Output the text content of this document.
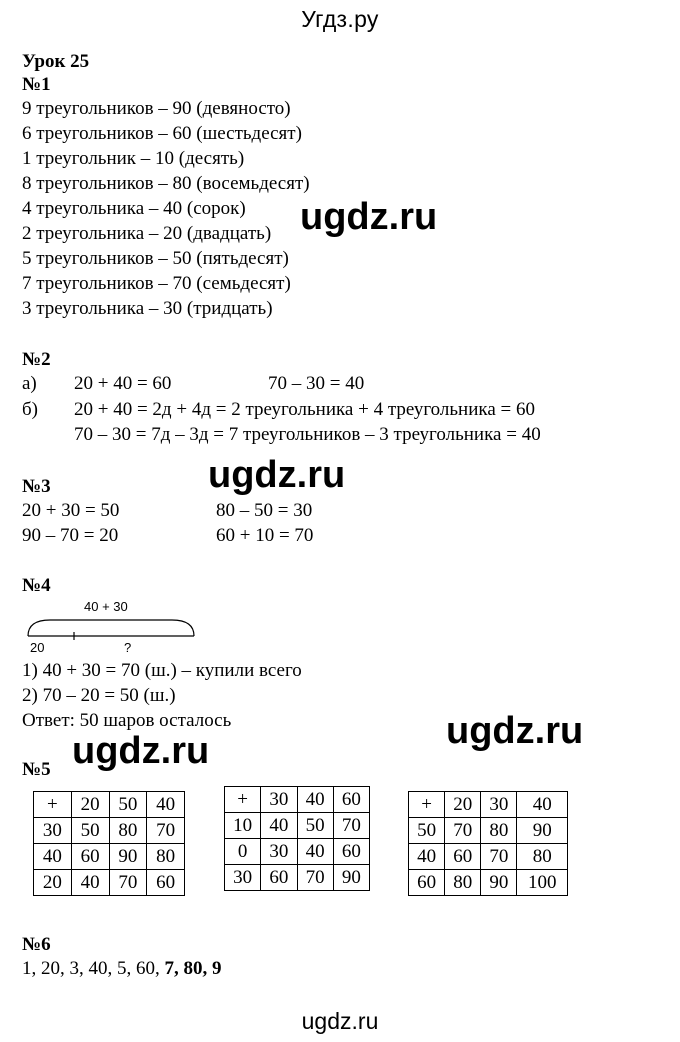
Угдз.ру
Урок 25
№1
9 треугольников – 90 (девяносто)
6 треугольников – 60 (шестьдесят)
1 треугольник – 10 (десять)
8 треугольников – 80 (восемьдесят)
4 треугольника – 40 (сорок)
2 треугольника – 20 (двадцать)
5 треугольников – 50 (пятьдесят)
7 треугольников – 70 (семьдесят)
3 треугольника – 30 (тридцать)
ugdz.ru
№2
а) 20 + 40 = 60	70 – 30 = 40
б) 20 + 40 = 2д + 4д = 2 треугольника + 4 треугольника = 60
70 – 30 = 7д – 3д = 7 треугольников – 3 треугольника = 40
ugdz.ru
№3
20 + 30 = 50	80 – 50 = 30
90 – 70 = 20	60 + 10 = 70
№4
40 + 30
20	?
1) 40 + 30 = 70 (ш.) – купили всего
2) 70 – 20 = 50 (ш.)
Ответ: 50 шаров осталось	ugdz.ru
ugdz.ru
№5
+	20	50	40
30	50	80	70
40	60	90	80
20	40	70	60
+	30	40	60
10	40	50	70
0	30	40	60
30	60	70	90
+	20	30	40
50	70	80	90
40	60	70	80
60	80	90	100
№6
1, 20, 3, 40, 5, 60, 7, 80, 9
ugdz.ru
